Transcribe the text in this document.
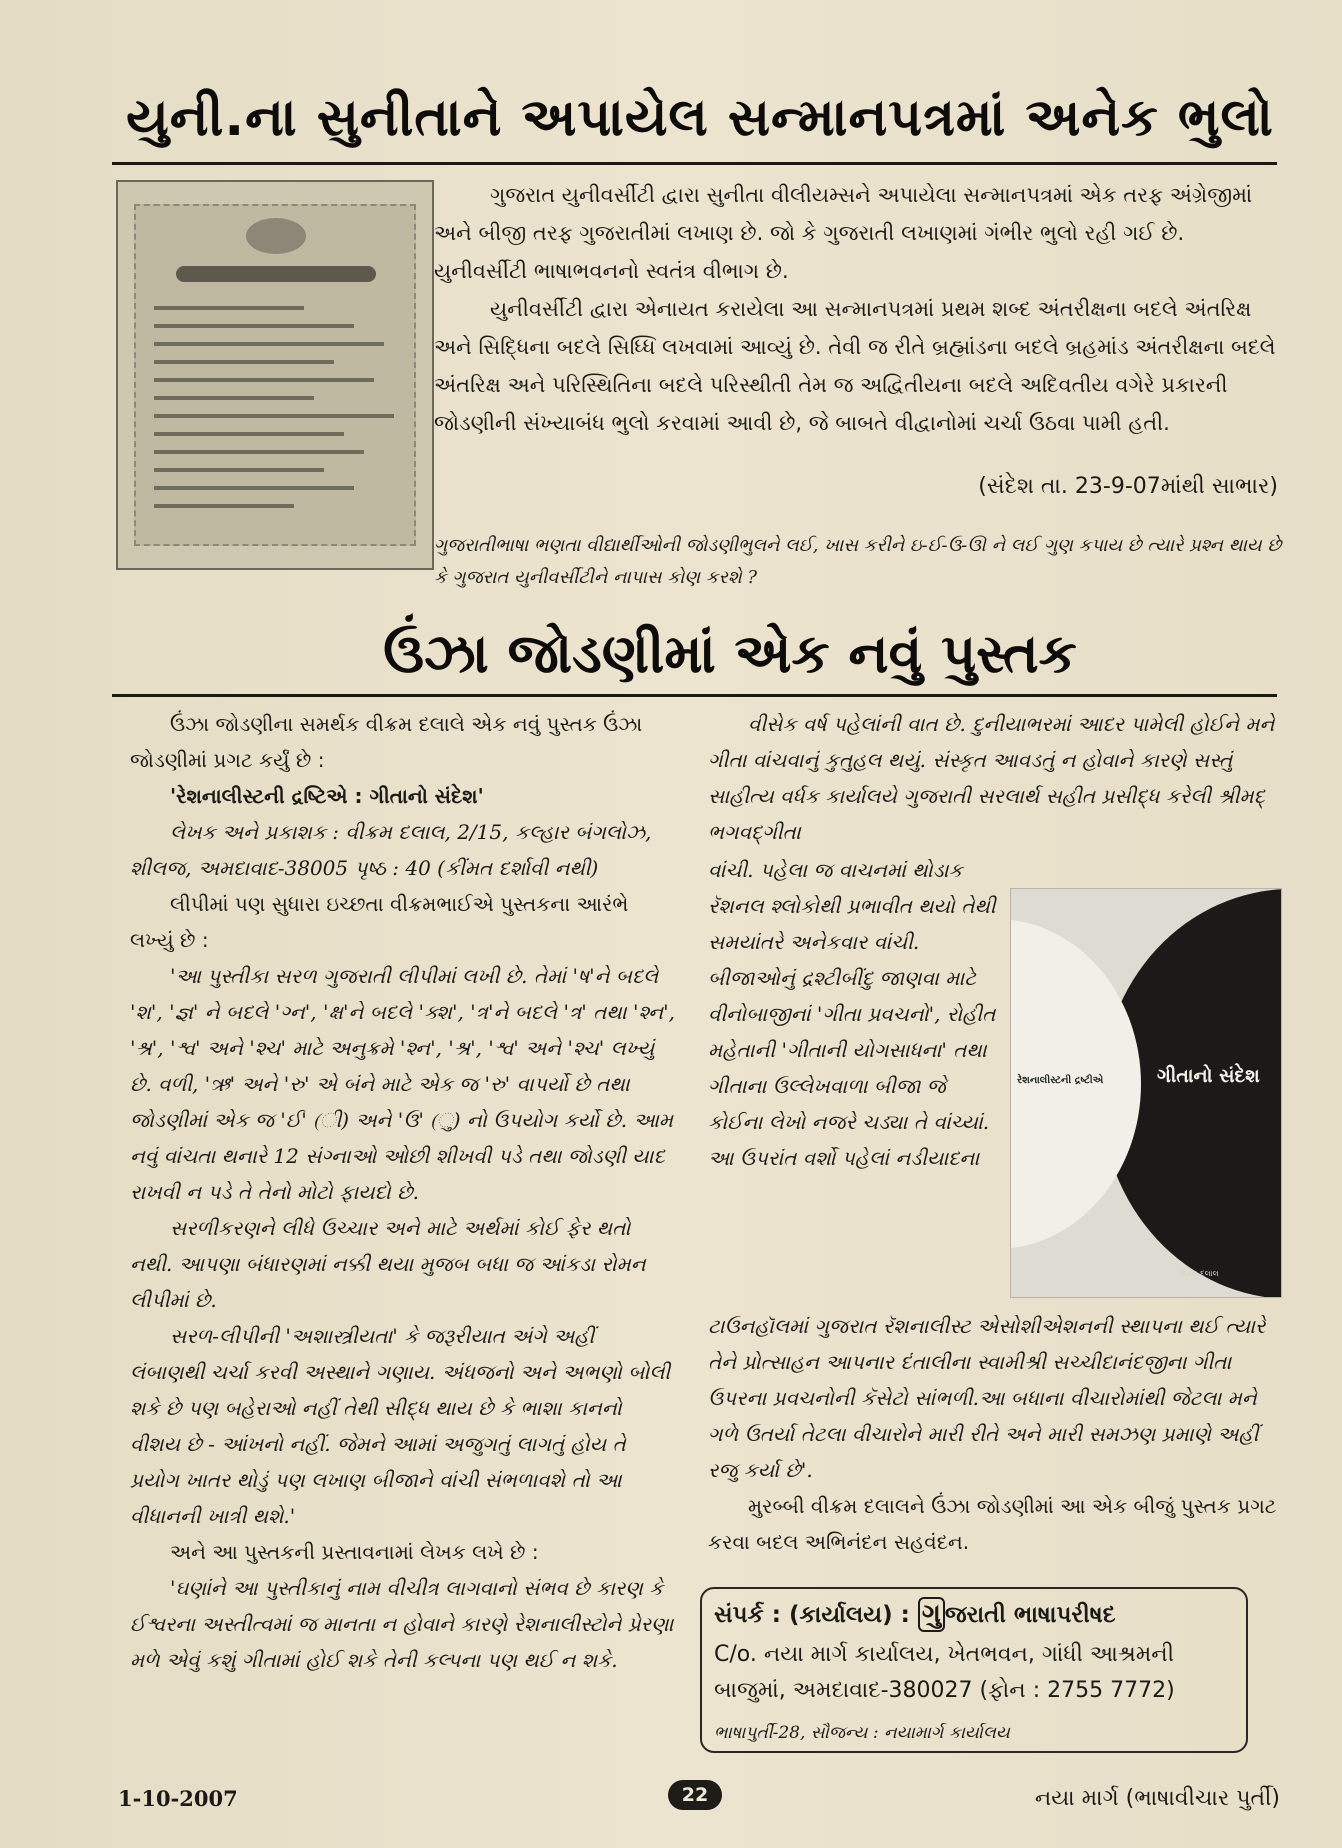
યુની.ના સુનીતાને અપાયેલ સન્માનપત્રમાં અનેક ભુલો
ગુજરાત યુનીવર્સીટી દ્વારા સુનીતા વીલીયમ્સને અપાયેલા સન્માનપત્રમાં એક તરફ અંગ્રેજીમાં અને બીજી તરફ ગુજરાતીમાં લખાણ છે. જો કે ગુજરાતી લખાણમાં ગંભીર ભુલો રહી ગઈ છે. યુનીવર્સીટી ભાષાભવનનો સ્વતંત્ર વીભાગ છે.
યુનીવર્સીટી દ્વારા એનાયત કરાયેલા આ સન્માનપત્રમાં પ્રથમ શબ્દ અંતરીક્ષના બદલે અંતરિક્ષ અને સિદ્ધિના બદલે સિધ્ધિ લખવામાં આવ્યું છે. તેવી જ રીતે બ્રહ્માંડના બદલે બ્રહમાંડ અંતરીક્ષના બદલે અંતરિક્ષ અને પરિસ્થિતિના બદલે પરિસ્થીતી તેમ જ અદ્વિતીયના બદલે અદિવતીય વગેરે પ્રકારની જોડણીની સંખ્યાબંધ ભુલો કરવામાં આવી છે, જે બાબતે વીદ્વાનોમાં ચર્ચા ઉઠવા પામી હતી.
(સંદેશ તા. 23-9-07માંથી સાભાર)
ગુજરાતીભાષા ભણતા વીદ્યાર્થીઓની જોડણીભુલને લઈ, ખાસ કરીને ઇ-ઈ-ઉ-ઊ ને લઈ ગુણ કપાય છે ત્યારે પ્રશ્ન થાય છે કે ગુજરાત યુનીવર્સીટીને નાપાસ કોણ કરશે ?
ઉંઝા જોડણીમાં એક નવું પુસ્તક

ઉંઝા જોડણીના સમર્થક વીક્રમ દલાલે એક નવું પુસ્તક ઉંઝા જોડણીમાં પ્રગટ કર્યું છે :

'રેશનાલીસ્ટની દ્રષ્ટિએ : ગીતાનો સંદેશ'

લેખક અને પ્રકાશક : વીક્રમ દલાલ, 2/15, કલ્હાર બંગલોઝ, શીલજ, અમદાવાદ-38005 પૃષ્ઠ : 40 (કીંમત દર્શાવી નથી)

લીપીમાં પણ સુધારા ઇચ્છતા વીક્રમભાઈએ પુસ્તકના આરંભે લખ્યું છે :

'આ પુસ્તીકા સરળ ગુજરાતી લીપીમાં લખી છે. તેમાં 'ષ'ને બદલે 'શ', 'જ્ઞ' ને બદલે 'ગ્ન', 'ક્ષ'ને બદલે 'ક્શ', 'ત્ર'ને બદલે 'ત્ર' તથા 'શ્ન', 'શ્ર', 'શ્વ' અને 'શ્ચ' માટે અનુક્રમે 'શ્ન', 'શ્ર', 'શ્વ' અને 'શ્ચ' લખ્યું છે. વળી, 'ઋ' અને 'રુ' એ બંને માટે એક જ 'રુ' વાપર્યો છે તથા જોડણીમાં એક જ 'ઈ' (ી) અને 'ઉ' (ુ) નો ઉપયોગ કર્યો છે. આમ નવું વાંચતા થનારે 12 સંગ્નાઓ ઓછી શીખવી પડે તથા જોડણી યાદ રાખવી ન પડે તે તેનો મોટો ફાયદો છે.

સરળીકરણને લીધે ઉચ્ચાર અને માટે અર્થમાં કોઈ ફેર થતો નથી. આપણા બંધારણમાં નક્કી થયા મુજબ બધા જ આંકડા રોમન લીપીમાં છે.

સરળ-લીપીની 'અશાસ્ત્રીયતા' કે જરૂરીયાત અંગે અહીં લંબાણથી ચર્ચા કરવી અસ્થાને ગણાય. અંધજનો અને અભણો બોલી શકે છે પણ બહેરાઓ નહીં તેથી સીદ્ધ થાય છે કે ભાશા કાનનો વીશય છે - આંખનો નહીં. જેમને આમાં અજુગતું લાગતું હોય તે પ્રયોગ ખાતર થોડું પણ લખાણ બીજાને વાંચી સંભળાવશે તો આ વીધાનની ખાત્રી થશે.'

અને આ પુસ્તકની પ્રસ્તાવનામાં લેખક લખે છે :

'ઘણાંને આ પુસ્તીકાનું નામ વીચીત્ર લાગવાનો સંભવ છે કારણ કે ઈશ્વરના અસ્તીત્વમાં જ માનતા ન હોવાને કારણે રેશનાલીસ્ટોને પ્રેરણા મળે એવું કશું ગીતામાં હોઈ શકે તેની કલ્પના પણ થઈ ન શકે.

વીસેક વર્ષ પહેલાંની વાત છે. દુનીયાભરમાં આદર પામેલી હોઈને મને ગીતા વાંચવાનું કુતુહલ થયું. સંસ્કૃત આવડતું ન હોવાને કારણે સસ્તું સાહીત્ય વર્ધક કાર્યાલયે ગુજરાતી સરલાર્થ સહીત પ્રસીદ્ધ કરેલી શ્રીમદ્ ભગવદ્ગીતા

વાંચી. પહેલા જ વાચનમાં થોડાક રૅશનલ શ્લોકોથી પ્રભાવીત થયો તેથી સમયાંતરે અનેકવાર વાંચી. બીજાઓનું દ્રશ્ટીબીંદુ જાણવા માટે વીનોબાજીનાં 'ગીતા પ્રવચનો', રોહીત મહેતાની 'ગીતાની યોગસાધના' તથા ગીતાના ઉલ્લેખવાળા બીજા જે કોઈના લેખો નજરે ચડ્યા તે વાંચ્યાં. આ ઉપરાંત વર્શો પહેલાં નડીયાદના

ટાઉનહૉલમાં ગુજરાત રૅશનાલીસ્ટ એસોશીએશનની સ્થાપના થઈ ત્યારે તેને પ્રોત્સાહન આપનાર દંતાલીના સ્વામીશ્રી સચ્ચીદાનંદજીના ગીતા ઉપરના પ્રવચનોની કૅસેટો સાંભળી.આ બધાના વીચારોમાંથી જેટલા મને ગળે ઉતર્યા તેટલા વીચારોને મારી રીતે અને મારી સમઝણ પ્રમાણે અહીં રજુ કર્યા છે'.

મુરબ્બી વીક્રમ દલાલને ઉંઝા જોડણીમાં આ એક બીજું પુસ્તક પ્રગટ કરવા બદલ અભિનંદન સહવંદન.

રેશનાલીસ્ટની દ્રષ્ટીએ	ગીતાનો સંદેશ
વીક્રમ દલાલ
સંપર્ક : (કાર્યાલય) : ગુ જરાતી ભાષાપરીષદ
C/o. નયા માર્ગ કાર્યાલય, ખેતભવન, ગાંધી આશ્રમની બાજુમાં, અમદાવાદ-380027 (ફોન : 2755 7772)
ભાષાપુર્તી-28, સૌજન્ય : નયામાર્ગ કાર્યાલય
1-10-2007	22	નયા માર્ગ (ભાષાવીચાર પુર્તી)
